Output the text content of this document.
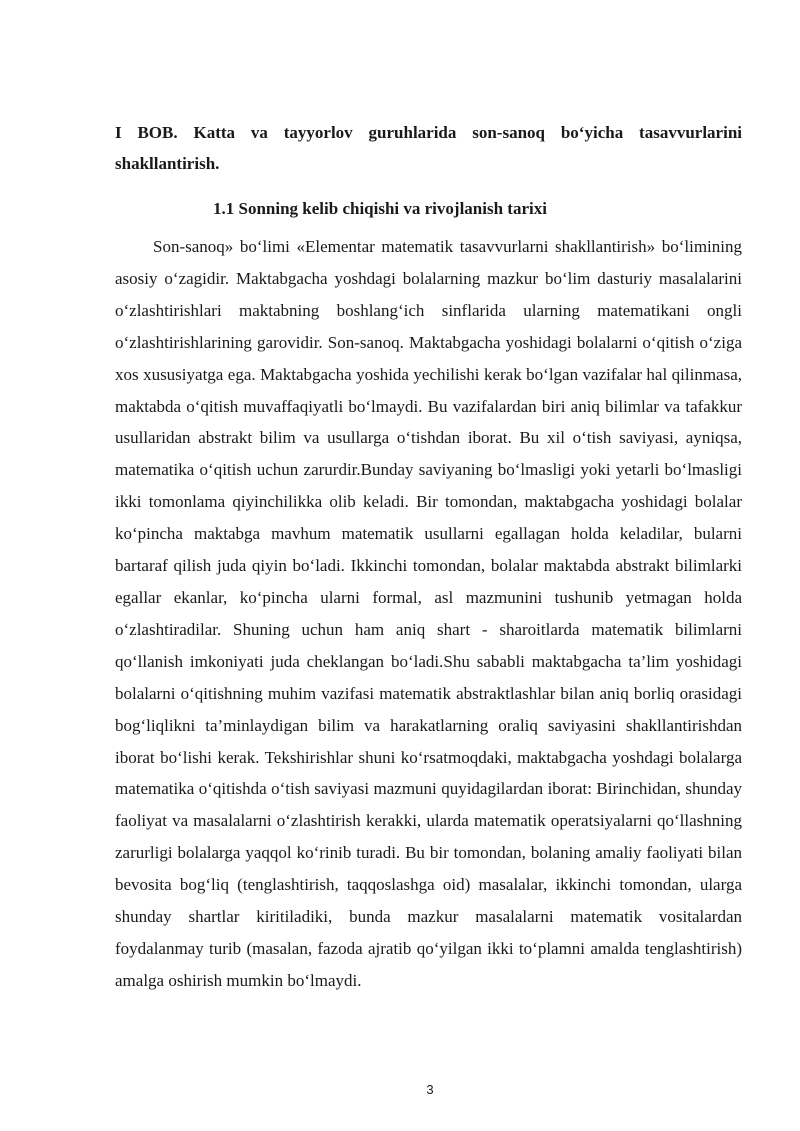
I BOB. Katta va tayyorlov guruhlarida son-sanoq bo‘yicha tasavvurlarini shakllantirish.
1.1 Sonning kelib chiqishi va rivojlanish tarixi

Son-sanoq» bo‘limi «Elementar matematik tasavvurlarni shakllantirish» bo‘limining asosiy o‘zagidir. Maktabgacha yoshdagi bolalarning mazkur bo‘lim dasturiy masalalarini o‘zlashtirishlari maktabning boshlang‘ich sinflarida ularning matematikani ongli o‘zlashtirishlarining garovidir. Son-sanoq. Maktabgacha yoshidagi bolalarni o‘qitish o‘ziga xos xususiyatga ega. Maktabgacha yoshida yechilishi kerak bo‘lgan vazifalar hal qilinmasa, maktabda o‘qitish muvaffaqiyatli bo‘lmaydi. Bu vazifalardan biri aniq bilimlar va tafakkur usullaridan abstrakt bilim va usullarga o‘tishdan iborat. Bu xil o‘tish saviyasi, ayniqsa, matematika o‘qitish uchun zarurdir.Bunday saviyaning bo‘lmasligi yoki yetarli bo‘lmasligi ikki tomonlama qiyinchilikka olib keladi. Bir tomondan, maktabgacha yoshidagi bolalar ko‘pincha maktabga mavhum matematik usullarni egallagan holda keladilar, bularni bartaraf qilish juda qiyin bo‘ladi. Ikkinchi tomondan, bolalar maktabda abstrakt bilimlarki egallar ekanlar, ko‘pincha ularni formal, asl mazmunini tushunib yetmagan holda o‘zlashtiradilar. Shuning uchun ham aniq shart - sharoitlarda matematik bilimlarni qo‘llanish imkoniyati juda cheklangan bo‘ladi.Shu sababli maktabgacha ta’lim yoshidagi bolalarni o‘qitishning muhim vazifasi matematik abstraktlashlar bilan aniq borliq orasidagi bog‘liqlikni ta’minlaydigan bilim va harakatlarning oraliq saviyasini shakllantirishdan iborat bo‘lishi kerak. Tekshirishlar shuni ko‘rsatmoqdaki, maktabgacha yoshdagi bolalarga matematika o‘qitishda o‘tish saviyasi mazmuni quyidagilardan iborat: Birinchidan, shunday faoliyat va masalalarni o‘zlashtirish kerakki, ularda matematik operatsiyalarni qo‘llashning zarurligi bolalarga yaqqol ko‘rinib turadi. Bu bir tomondan, bolaning amaliy faoliyati bilan bevosita bog‘liq (tenglashtirish, taqqoslashga oid) masalalar, ikkinchi tomondan, ularga shunday shartlar kiritiladiki, bunda mazkur masalalarni matematik vositalardan foydalanmay turib (masalan, fazoda ajratib qo‘yilgan ikki to‘plamni amalda tenglashtirish) amalga oshirish mumkin bo‘lmaydi.

3
